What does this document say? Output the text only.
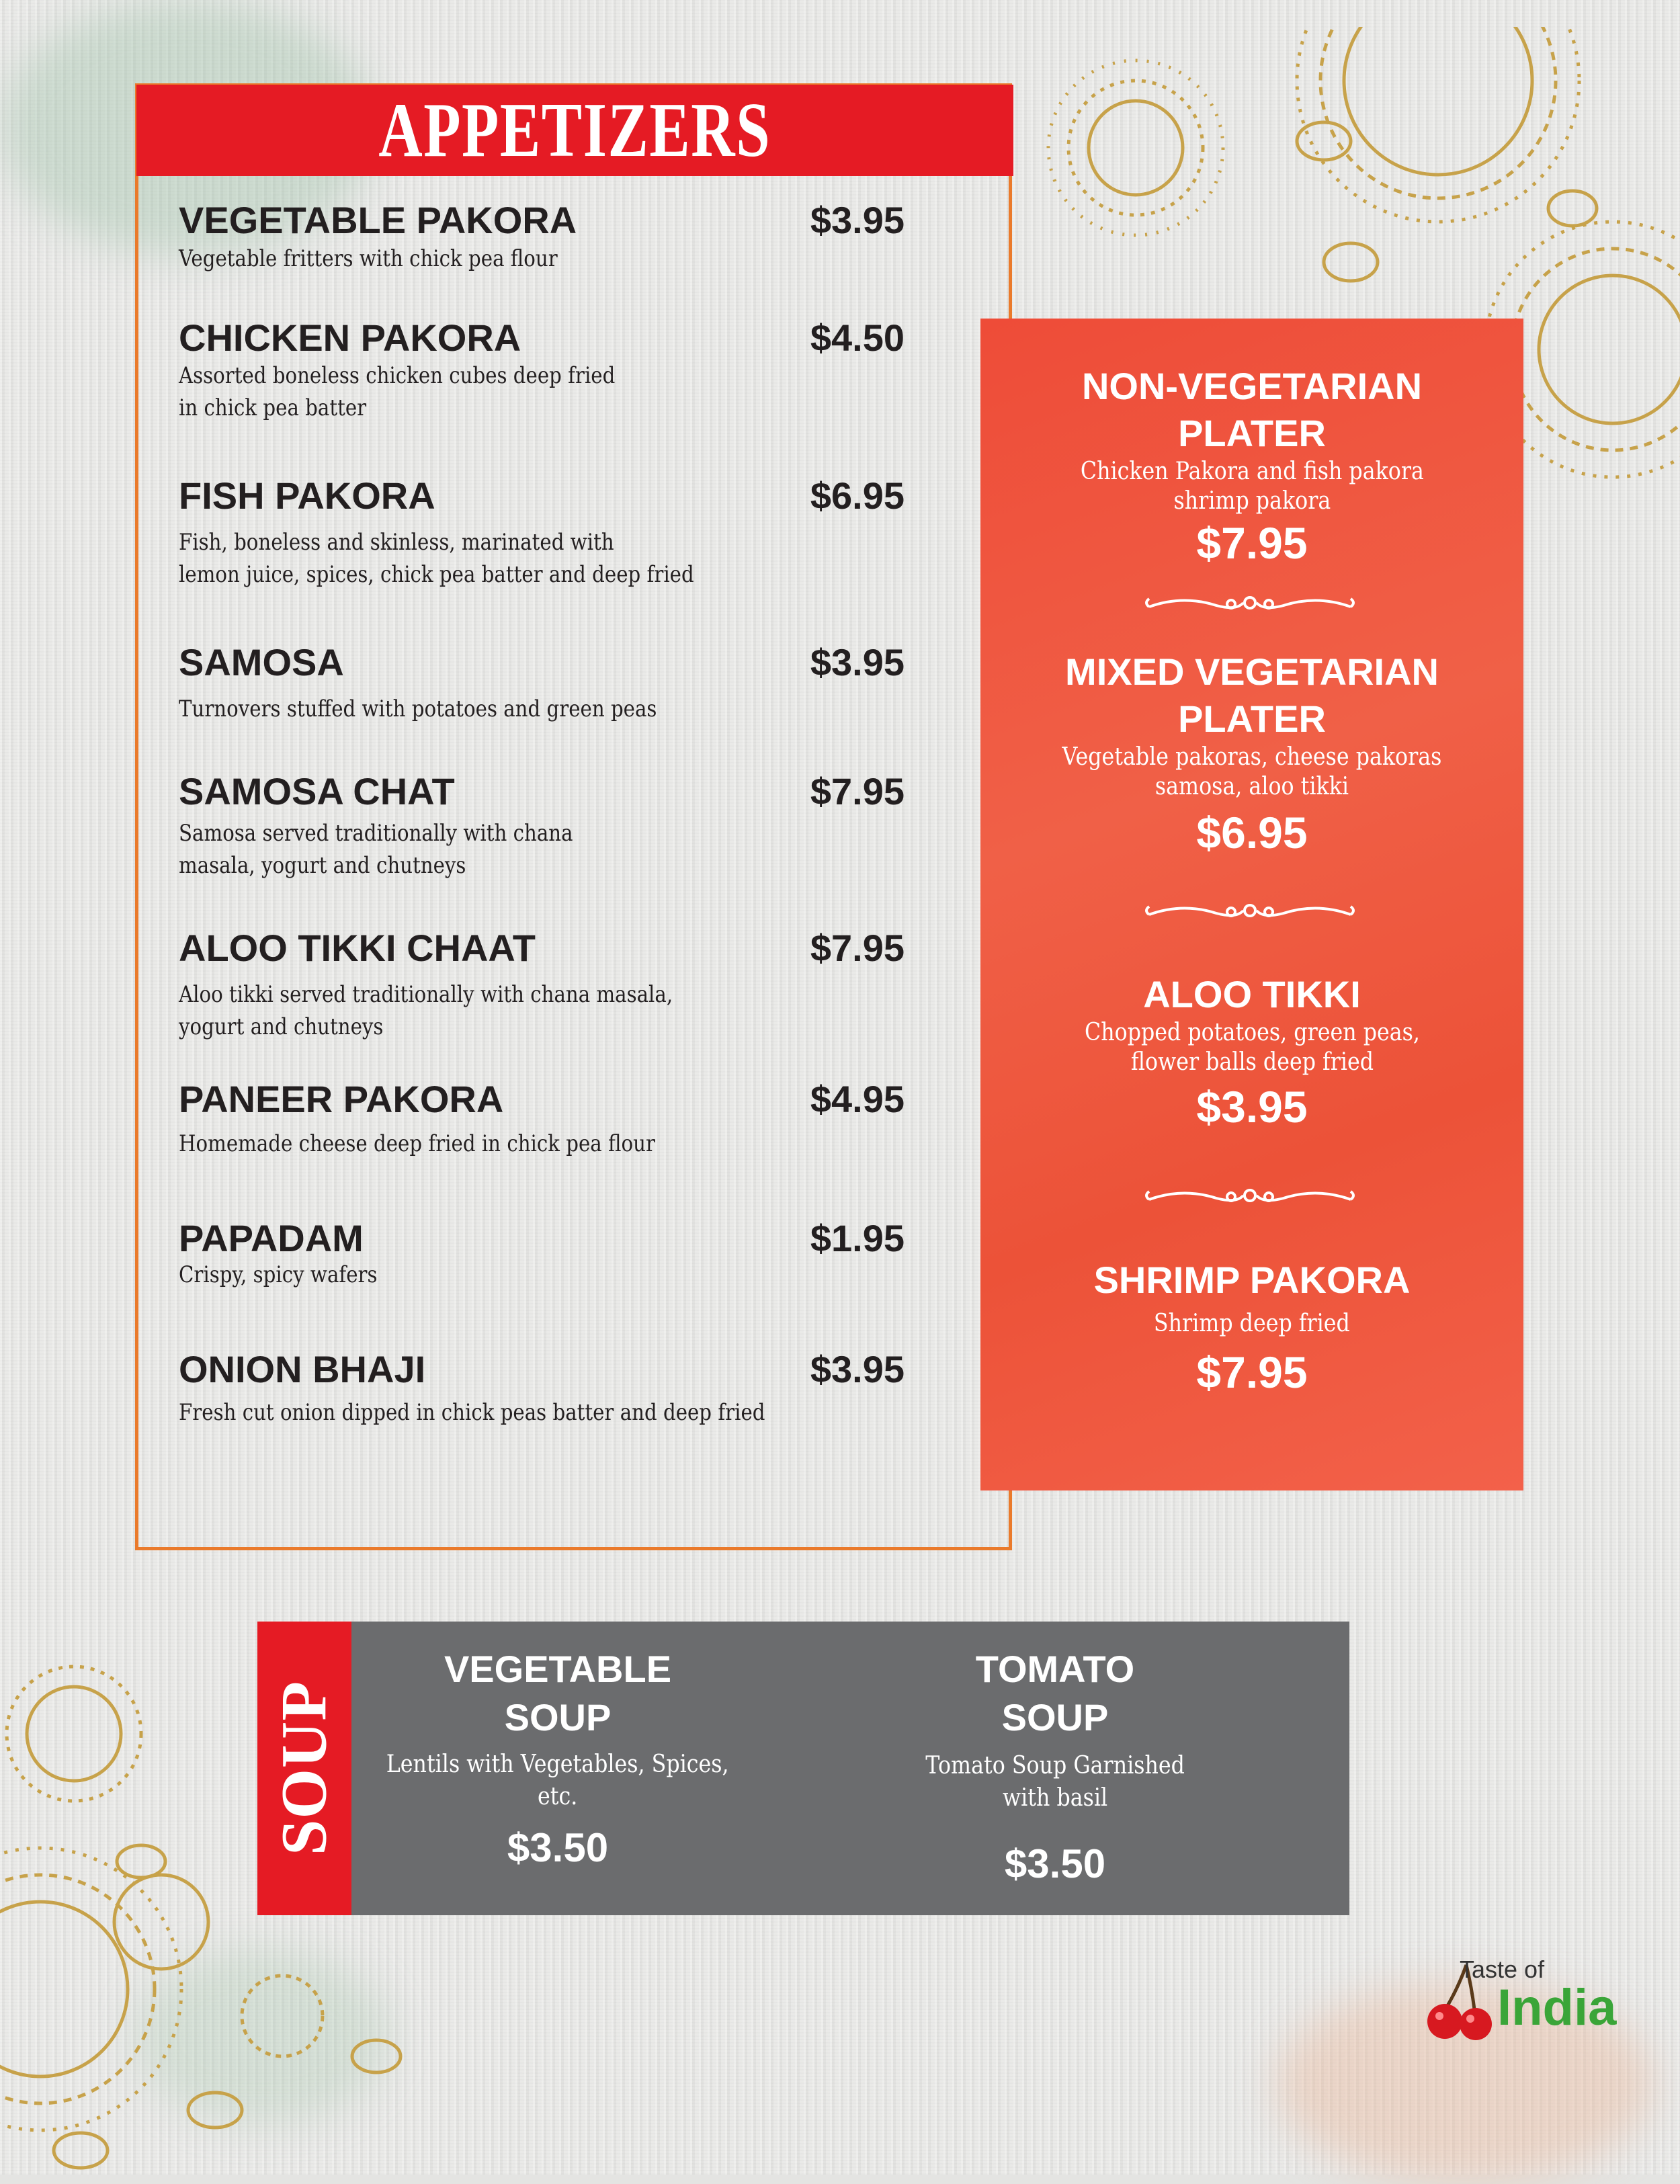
APPETIZERS
VEGETABLE PAKORA	$3.95
Vegetable fritters with chick pea flour
CHICKEN PAKORA	$4.50
Assorted boneless chicken cubes deep fried
in chick pea batter
FISH PAKORA	$6.95
Fish, boneless and skinless, marinated with
lemon juice, spices, chick pea batter and deep fried
SAMOSA	$3.95
Turnovers stuffed with potatoes and green peas
SAMOSA CHAT	$7.95
Samosa served traditionally with chana
masala, yogurt and chutneys
ALOO TIKKI CHAAT	$7.95
Aloo tikki served traditionally with chana masala,
yogurt and chutneys
PANEER PAKORA	$4.95
Homemade cheese deep fried in chick pea flour
PAPADAM	$1.95
Crispy, spicy wafers
ONION BHAJI	$3.95
Fresh cut onion dipped in chick peas batter and deep fried
NON-VEGETARIAN
PLATER
Chicken Pakora and fish pakora
shrimp pakora
$7.95
MIXED VEGETARIAN
PLATER
Vegetable pakoras, cheese pakoras
samosa, aloo tikki
$6.95
ALOO TIKKI
Chopped potatoes, green peas,
flower balls deep fried
$3.95
SHRIMP PAKORA
Shrimp deep fried
$7.95
SOUP
VEGETABLE
SOUP
Lentils with Vegetables, Spices,
etc.
$3.50
TOMATO
SOUP
Tomato Soup Garnished
with basil
$3.50
Taste of
India
